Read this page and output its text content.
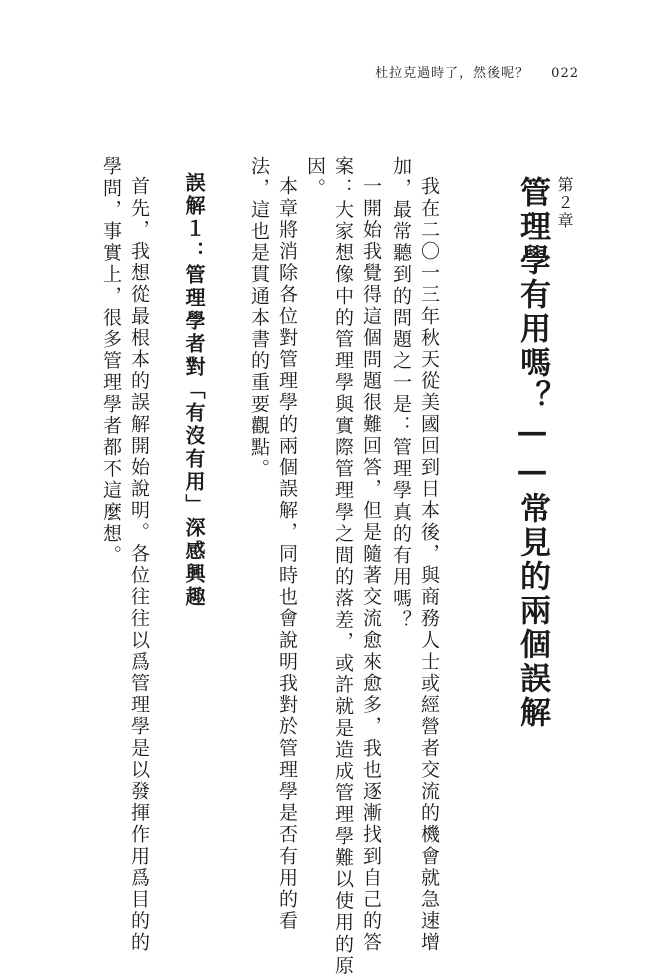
杜拉克過時了，然後呢？ 022
第２章
管理學有用嗎？——常見的兩個誤解
我在二〇一三年秋天從美國回到日本後，與商務人士或經營者交流的機會就急速增
加，最常聽到的問題之一是：管理學真的有用嗎？
一開始我覺得這個問題很難回答，但是隨著交流愈來愈多，我也逐漸找到自己的答
案：大家想像中的管理學與實際管理學之間的落差，或許就是造成管理學難以使用的原
因。
本章將消除各位對管理學的兩個誤解，同時也會說明我對於管理學是否有用的看
法，這也是貫通本書的重要觀點。
誤解１：管理學者對「有沒有用」深感興趣
首先，我想從最根本的誤解開始說明。各位往往以爲管理學是以發揮作用爲目的的
學問，事實上，很多管理學者都不這麼想。
